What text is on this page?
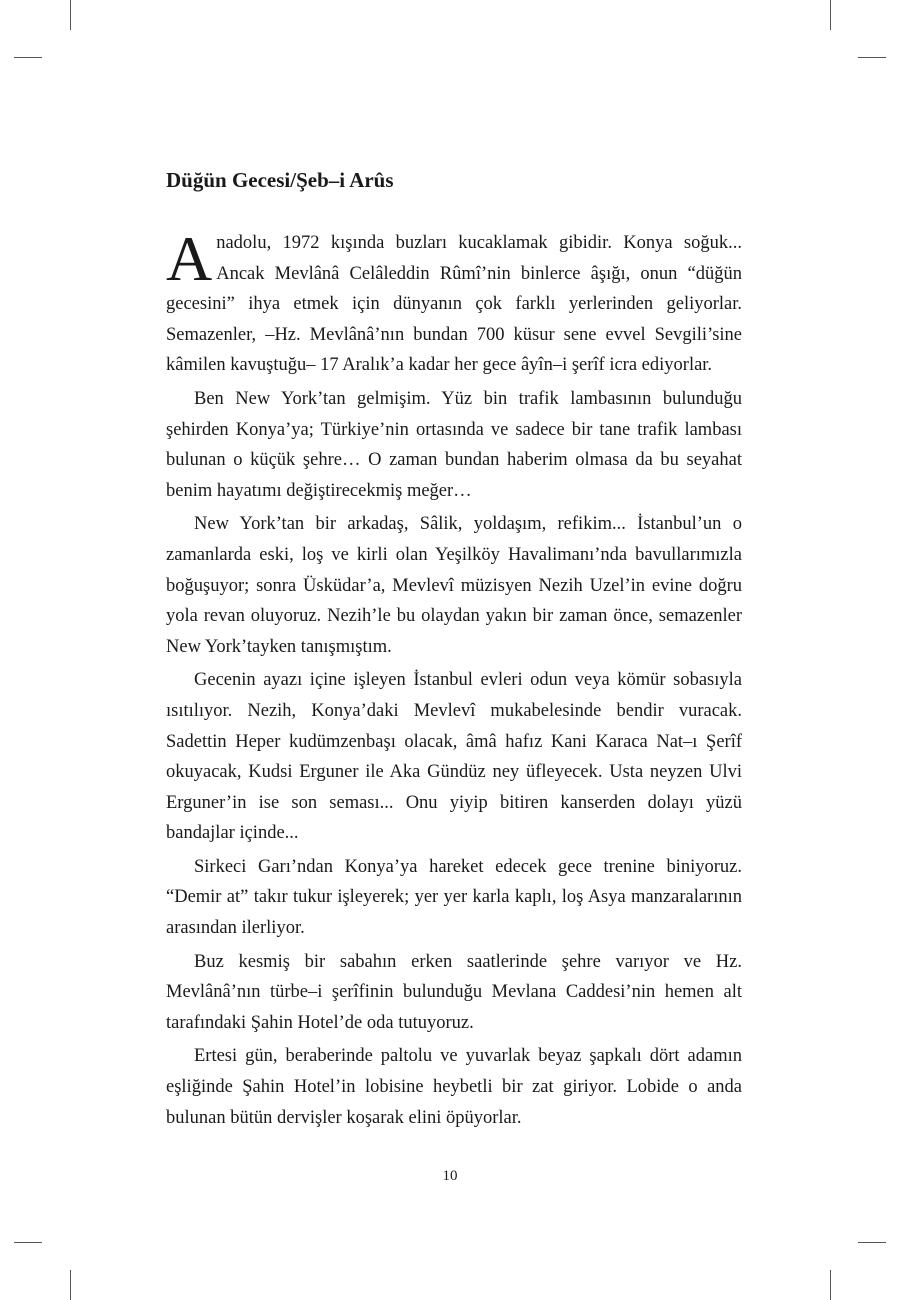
Düğün Gecesi/Şeb–i Arûs

Anadolu, 1972 kışında buzları kucaklamak gibidir. Konya soğuk... Ancak Mevlânâ Celâleddin Rûmî’nin binlerce âşığı, onun “düğün gecesini” ihya etmek için dünyanın çok farklı yerlerinden geliyorlar. Semazenler, –Hz. Mevlânâ’nın bundan 700 küsur sene evvel Sevgili’sine kâmilen kavuştuğu– 17 Aralık’a kadar her gece âyîn–i şerîf icra ediyorlar.

Ben New York’tan gelmişim. Yüz bin trafik lambasının bulunduğu şehirden Konya’ya; Türkiye’nin ortasında ve sadece bir tane trafik lambası bulunan o küçük şehre… O zaman bundan haberim olmasa da bu seyahat benim hayatımı değiştirecekmiş meğer…

New York’tan bir arkadaş, Sâlik, yoldaşım, refikim... İstanbul’un o zamanlarda eski, loş ve kirli olan Yeşilköy Havalimanı’nda bavullarımızla boğuşuyor; sonra Üsküdar’a, Mevlevî müzisyen Nezih Uzel’in evine doğru yola revan oluyoruz. Nezih’le bu olaydan yakın bir zaman önce, semazenler New York’tayken tanışmıştım.

Gecenin ayazı içine işleyen İstanbul evleri odun veya kömür sobasıyla ısıtılıyor. Nezih, Konya’daki Mevlevî mukabelesinde bendir vuracak. Sadettin Heper kudümzenbaşı olacak, âmâ hafız Kani Karaca Nat–ı Şerîf okuyacak, Kudsi Erguner ile Aka Gündüz ney üfleyecek. Usta neyzen Ulvi Erguner’in ise son seması... Onu yiyip bitiren kanserden dolayı yüzü bandajlar içinde...

Sirkeci Garı’ndan Konya’ya hareket edecek gece trenine biniyoruz. “Demir at” takır tukur işleyerek; yer yer karla kaplı, loş Asya manzaralarının arasından ilerliyor.

Buz kesmiş bir sabahın erken saatlerinde şehre varıyor ve Hz. Mevlânâ’nın türbe–i şerîfinin bulunduğu Mevlana Caddesi’nin hemen alt tarafındaki Şahin Hotel’de oda tutuyoruz.

Ertesi gün, beraberinde paltolu ve yuvarlak beyaz şapkalı dört adamın eşliğinde Şahin Hotel’in lobisine heybetli bir zat giriyor. Lobide o anda bulunan bütün dervişler koşarak elini öpüyorlar.

10
